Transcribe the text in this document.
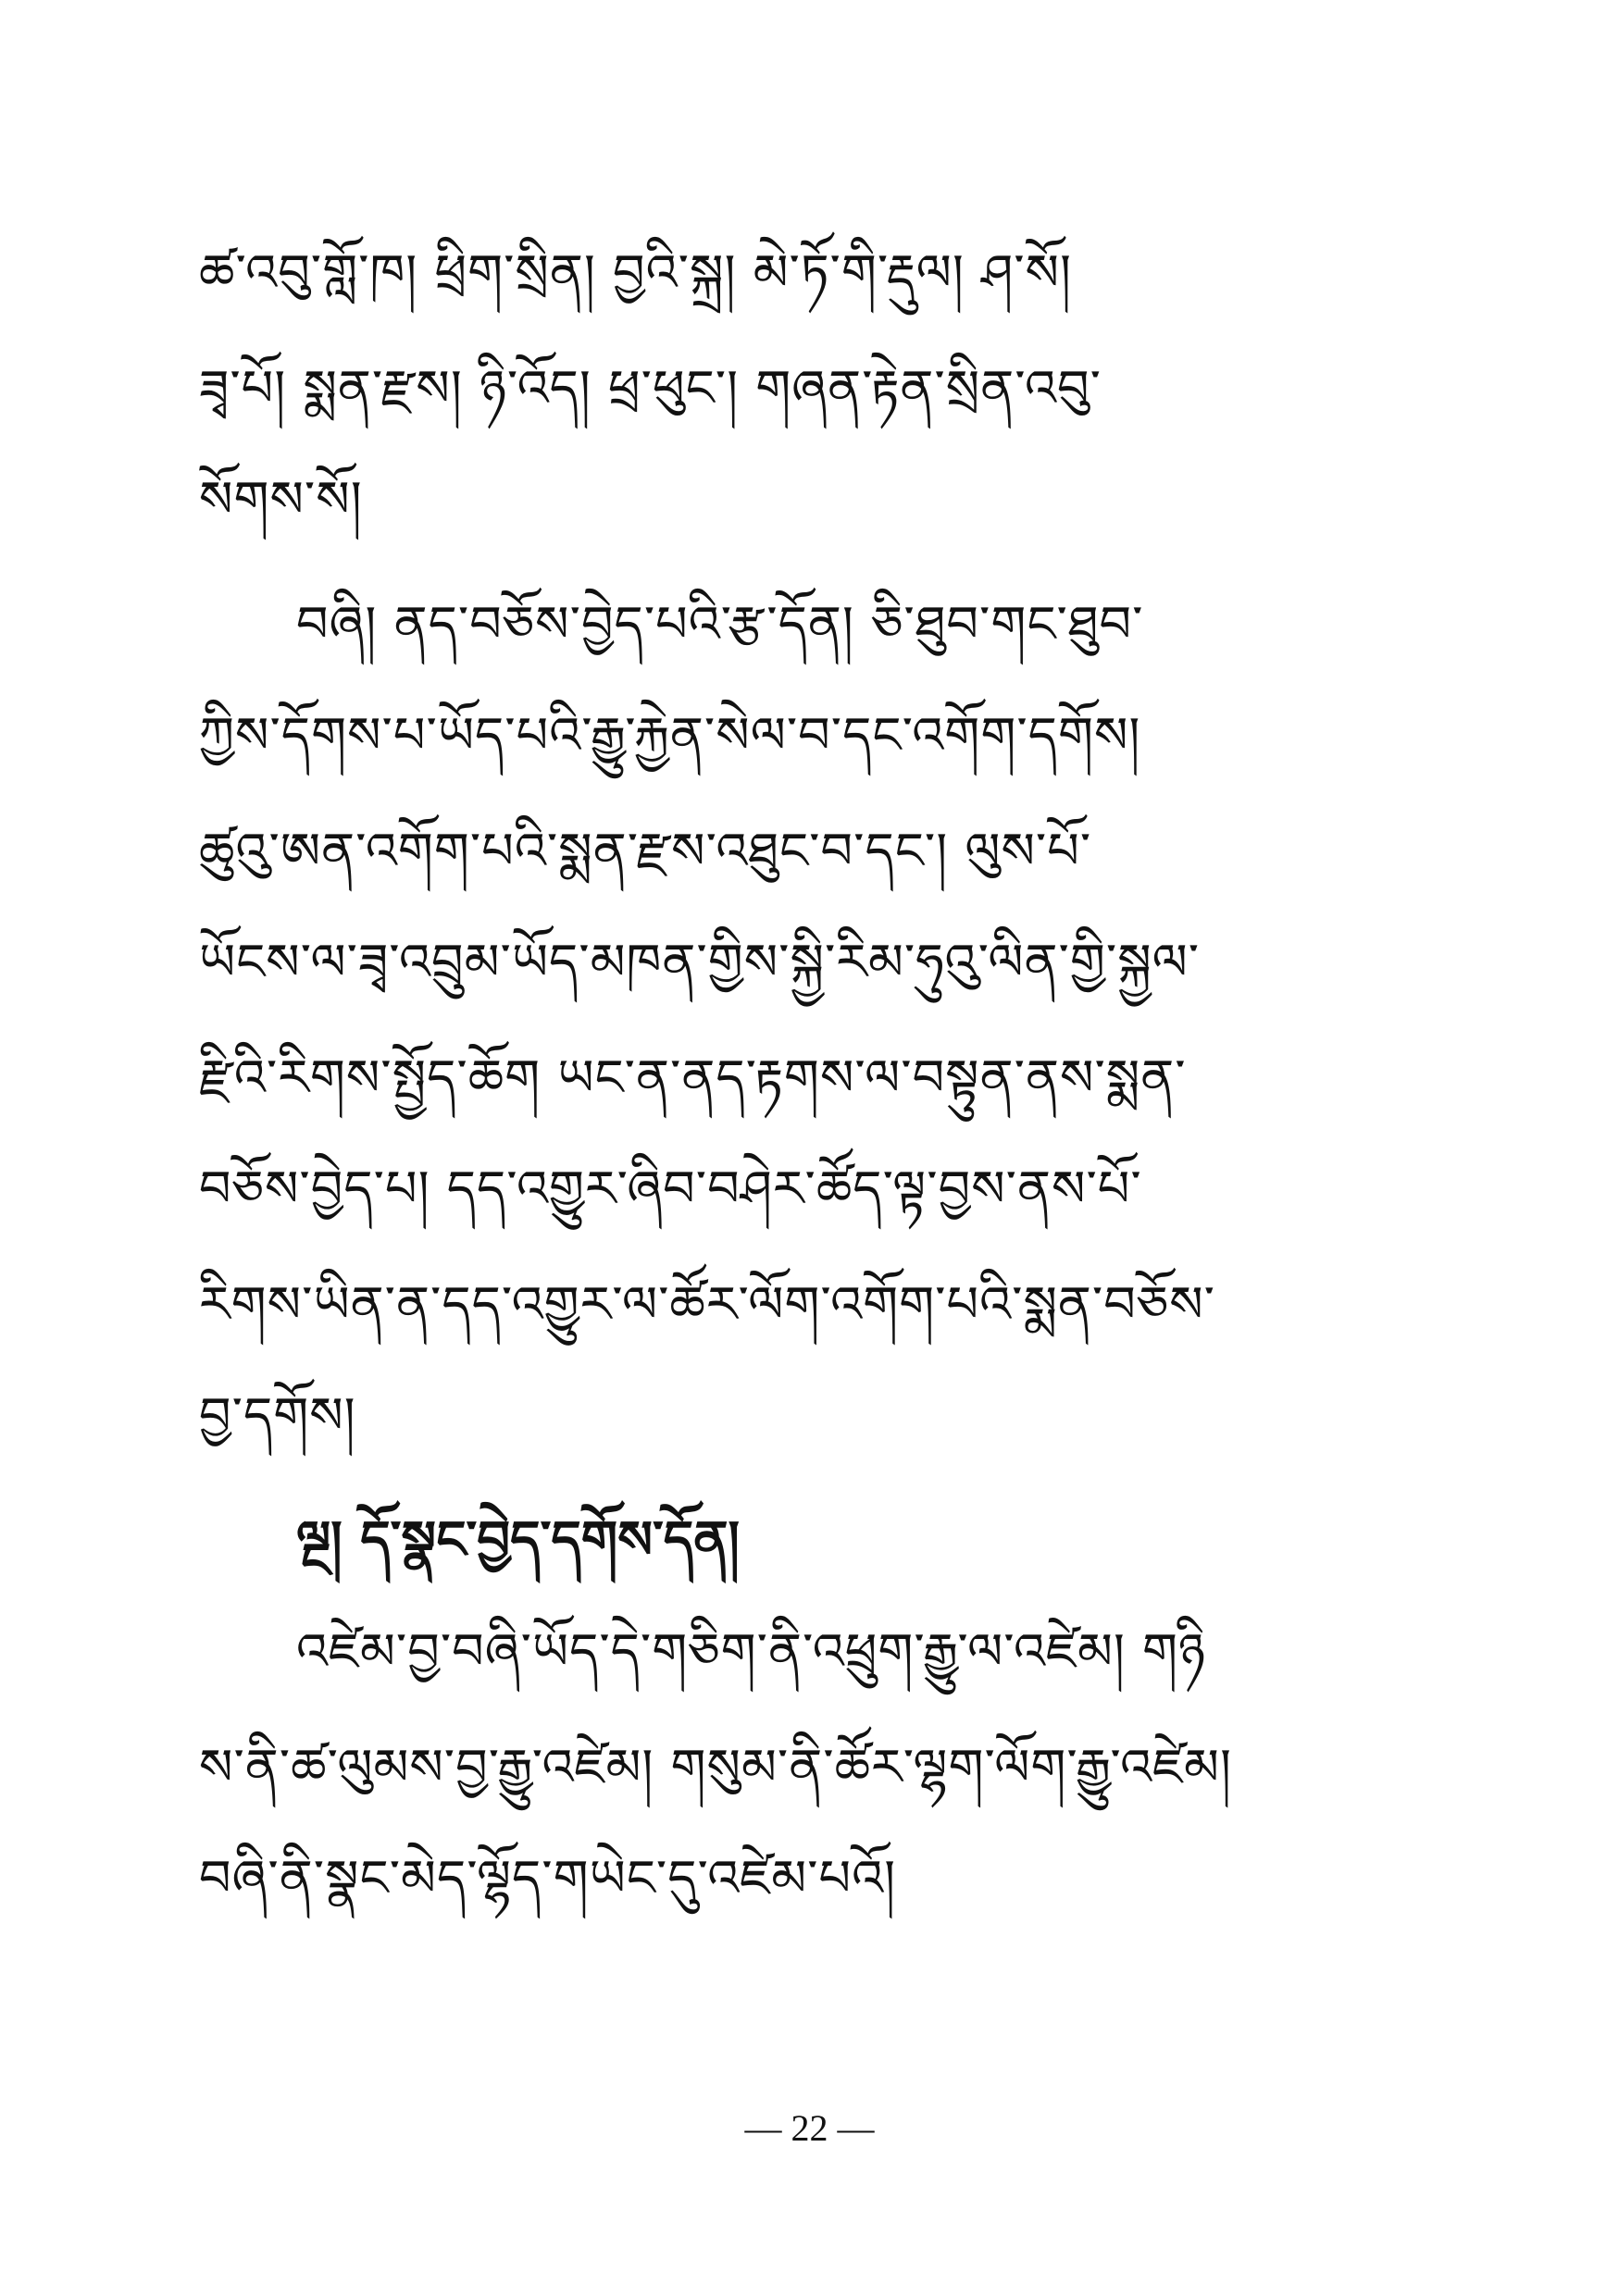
ཚ་འབུ་གློ་ཁ། ཕྲིག་སྲིན། བྱའི་སྐྲ། མེ་ཏོ་གི་རྡུལ། ཤ་སོ།
ཟྭ་པོ། སྨན་རྫས། ཉི་འོད། ཕྲ་ཕུང་། གཞན་རྟེན་སྲིན་འབུ་
སོགས་སོ།
བཞི། ནད་བཅོས་བྱེད་པའི་རྩ་དོན། ཅི་ཐུབ་གང་ཐུབ་
ཀྱིས་དོགས་པ་ཡོད་པའི་རྒྱུ་རྐྱེན་སེལ་བ་དང་འགོག་དགོས།
ཚུའུ་ཨན་འགོག་པའི་སྨན་རྫས་འཐུང་བ་དང་། ལུས་པོ་
ཡོངས་ལ་ཟྭ་འབྲུམ་ཡོད་མཁན་གྱིས་སྐྱི་རིམ་ཧུའུ་ལིན་གྱི་སྐྱལ་
རྫིའི་རིགས་སྤྱོད་ཆོག ཡང་ན་ནད་རྟགས་ལ་བསྟུན་ནས་སྨན་
བཅོས་བྱེད་པ། དད་འགྱུར་ཞིབ་བཤེར་ཚོད་ལྟ་བྱས་ནས་པོ་
རིགས་ཡིན་ན་དད་འགྱུར་ལ་ཚོར་ལོག་འགོག་པའི་སྨན་བཅོས་
བྱ་དགོས།
ལྔ། དོ་སྣང་བྱེད་དགོས་དོན།
འཛེམ་བྱ་བཞི་ཡོད་དེ་གཅིག་ནི་འཕྲུག་རྒྱུ་ལ་འཛེམ། གཉི
ས་ནི་ཚ་ལུམས་བྱ་རྒྱུ་འཛེམ། གསུམ་ནི་ཚོར་ལྷག་ལོག་རྒྱུ་འཛེམ།
བཞི་ནི་སྣང་མེད་ལྷོད་གཡེང་དུ་འཛེམ་པའོ།
— 22 —
